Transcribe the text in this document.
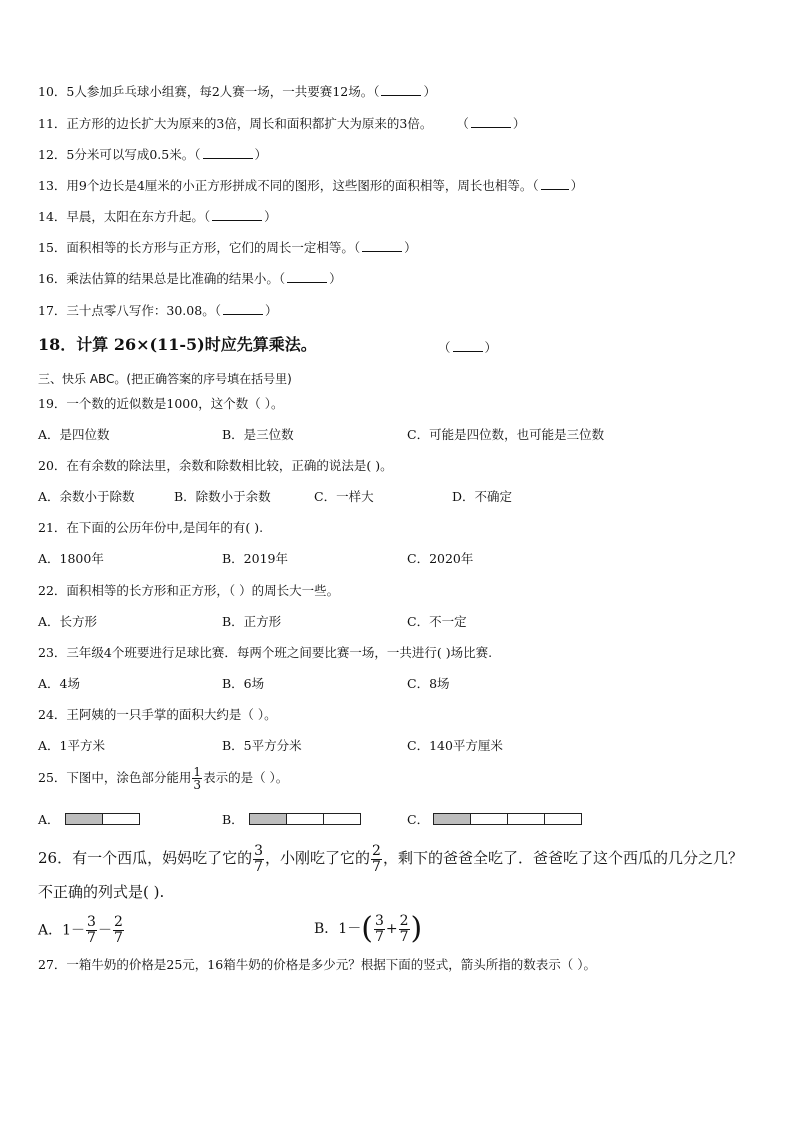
10．5人参加乒乓球小组赛，每2人赛一场，一共要赛12场。（	）
11．正方形的边长扩大为原来的3倍，周长和面积都扩大为原来的3倍。 （	）
12．5分米可以写成0.5米。（	）
13．用9个边长是4厘米的小正方形拼成不同的图形，这些图形的面积相等，周长也相等。（	）
14．早晨，太阳在东方升起。（	）
15．面积相等的长方形与正方形，它们的周长一定相等。（	）
16．乘法估算的结果总是比准确的结果小。（	）
17．三十点零八写作：30.08。（	）
18．计算 26×(11-5)时应先算乘法。	（	）
三、快乐 ABC。(把正确答案的序号填在括号里)
19．一个数的近似数是1000，这个数（ ）。
A．是四位数	B．是三位数	C．可能是四位数，也可能是三位数
20．在有余数的除法里，余数和除数相比较，正确的说法是( )。
A．余数小于除数	B．除数小于余数	C．一样大	D．不确定
21．在下面的公历年份中,是闰年的有( ).
A．1800年	B．2019年	C．2020年
22．面积相等的长方形和正方形，（ ）的周长大一些。
A．长方形	B．正方形	C．不一定
23．三年级4个班要进行足球比赛．每两个班之间要比赛一场，一共进行( )场比赛.
A．4场	B．6场	C．8场
24．王阿姨的一只手掌的面积大约是（ ）。
A．1平方米	B．5平方分米	C．140平方厘米
25．下图中，涂色部分能用 $\frac{1}{3}$ 表示的是（ ）。
A．	B．	C．
26．有一个西瓜，妈妈吃了它的 $\frac{3}{7}$ ，小刚吃了它的 $\frac{2}{7}$ ，剩下的爸爸全吃了．爸爸吃了这个西瓜的几分之几？
不正确的列式是( ).
A．$1- \frac{3}{7} - \frac{2}{7}$	B．$1-( \frac{3}{7} + \frac{2}{7}$ )
27．一箱牛奶的价格是25元，16箱牛奶的价格是多少元？根据下面的竖式，箭头所指的数表示（ ）。
